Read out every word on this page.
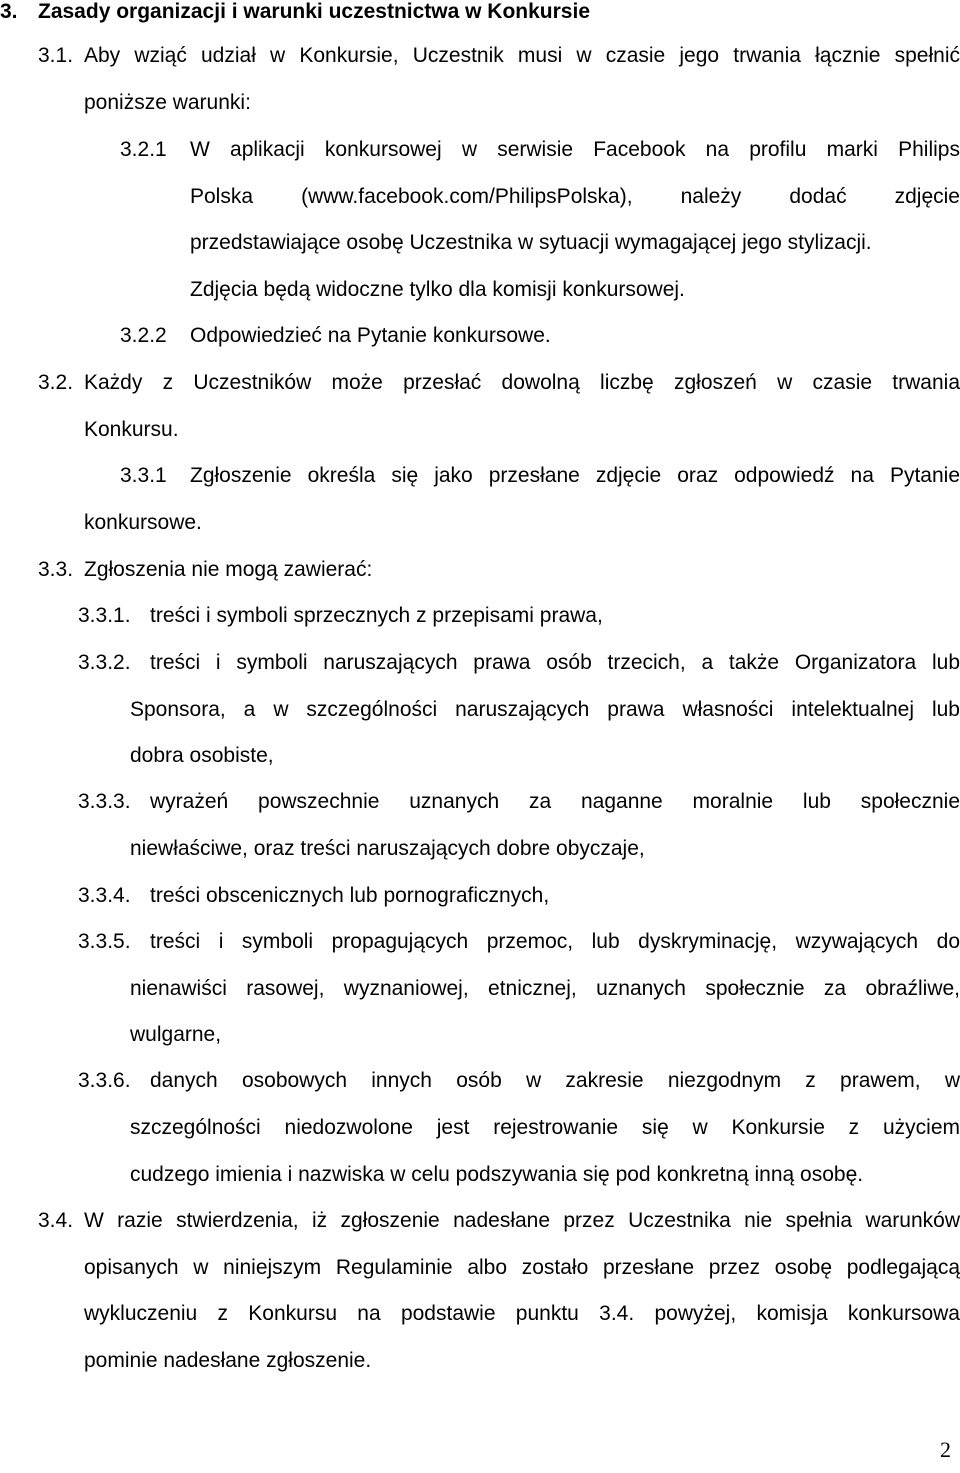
3. Zasady organizacji i warunki uczestnictwa w Konkursie
3.1. Aby wziąć udział w Konkursie, Uczestnik musi w czasie jego trwania łącznie spełnić

poniższe warunki:

3.2.1 W aplikacji konkursowej w serwisie Facebook na profilu marki Philips

Polska (www.facebook.com/PhilipsPolska), należy dodać zdjęcie

przedstawiające osobę Uczestnika w sytuacji wymagającej jego stylizacji.

Zdjęcia będą widoczne tylko dla komisji konkursowej.

3.2.2 Odpowiedzieć na Pytanie konkursowe.

3.2. Każdy z Uczestników może przesłać dowolną liczbę zgłoszeń w czasie trwania

Konkursu.

3.3.1 Zgłoszenie określa się jako przesłane zdjęcie oraz odpowiedź na Pytanie

konkursowe.

3.3. Zgłoszenia nie mogą zawierać:

3.3.1. treści i symboli sprzecznych z przepisami prawa,

3.3.2. treści i symboli naruszających prawa osób trzecich, a także Organizatora lub

Sponsora, a w szczególności naruszających prawa własności intelektualnej lub

dobra osobiste,

3.3.3. wyrażeń powszechnie uznanych za naganne moralnie lub społecznie

niewłaściwe, oraz treści naruszających dobre obyczaje,

3.3.4. treści obscenicznych lub pornograficznych,

3.3.5. treści i symboli propagujących przemoc, lub dyskryminację, wzywających do

nienawiści rasowej, wyznaniowej, etnicznej, uznanych społecznie za obraźliwe,

wulgarne,

3.3.6. danych osobowych innych osób w zakresie niezgodnym z prawem, w

szczególności niedozwolone jest rejestrowanie się w Konkursie z użyciem

cudzego imienia i nazwiska w celu podszywania się pod konkretną inną osobę.

3.4. W razie stwierdzenia, iż zgłoszenie nadesłane przez Uczestnika nie spełnia warunków

opisanych w niniejszym Regulaminie albo zostało przesłane przez osobę podlegającą

wykluczeniu z Konkursu na podstawie punktu 3.4. powyżej, komisja konkursowa

pominie nadesłane zgłoszenie.

2
